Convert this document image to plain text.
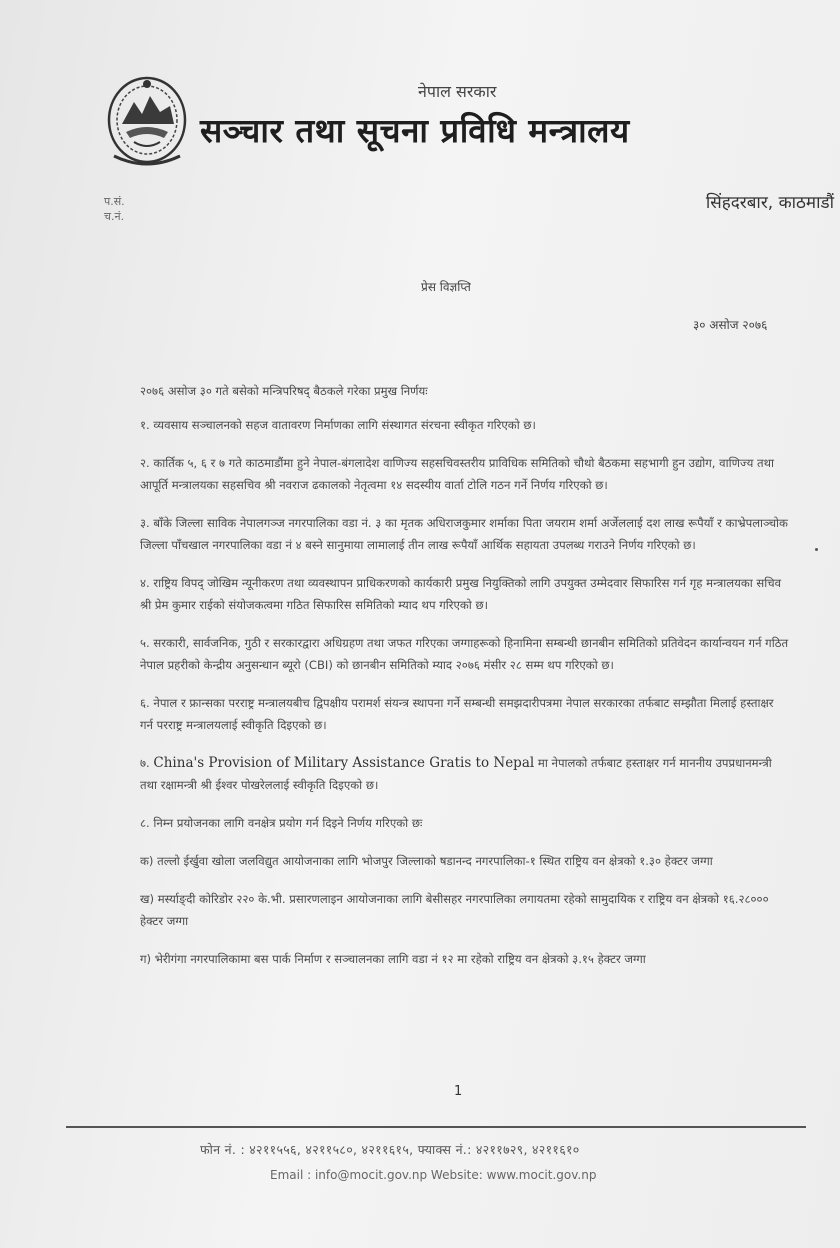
नेपाल सरकार
सञ्चार तथा सूचना प्रविधि मन्त्रालय
प.सं.
च.नं.
सिंहदरबार, काठमाडौं
प्रेस विज्ञप्ति
३० असोज २०७६

२०७६ असोज ३० गते बसेको मन्त्रिपरिषद् बैठकले गरेका प्रमुख निर्णयः

१. व्यवसाय सञ्चालनको सहज वातावरण निर्माणका लागि संस्थागत संरचना स्वीकृत गरिएको छ।

२. कार्तिक ५, ६ र ७ गते काठमाडौंमा हुने नेपाल-बंगलादेश वाणिज्य सहसचिवस्तरीय प्राविधिक समितिको चौथो बैठकमा सहभागी हुन उद्योग, वाणिज्य तथा आपूर्ति मन्त्रालयका सहसचिव श्री नवराज ढकालको नेतृत्वमा १४ सदस्यीय वार्ता टोलि गठन गर्ने निर्णय गरिएको छ।

३. बाँके जिल्ला साविक नेपालगञ्ज नगरपालिका वडा नं. ३ का मृतक अधिराजकुमार शर्माका पिता जयराम शर्मा अर्जेललाई दश लाख रूपैयाँ र काभ्रेपलाञ्चोक जिल्ला पाँचखाल नगरपालिका वडा नं ४ बस्ने सानुमाया लामालाई तीन लाख रूपैयाँ आर्थिक सहायता उपलब्ध गराउने निर्णय गरिएको छ।

४. राष्ट्रिय विपद् जोखिम न्यूनीकरण तथा व्यवस्थापन प्राधिकरणको कार्यकारी प्रमुख नियुक्तिको लागि उपयुक्त उम्मेदवार सिफारिस गर्न गृह मन्त्रालयका सचिव श्री प्रेम कुमार राईको संयोजकत्वमा गठित सिफारिस समितिको म्याद थप गरिएको छ।

५. सरकारी, सार्वजनिक, गुठी र सरकारद्वारा अधिग्रहण तथा जफत गरिएका जग्गाहरूको हिनामिना सम्बन्धी छानबीन समितिको प्रतिवेदन कार्यान्वयन गर्न गठित नेपाल प्रहरीको केन्द्रीय अनुसन्धान ब्यूरो (CBI) को छानबीन समितिको म्याद २०७६ मंसीर २८ सम्म थप गरिएको छ।

६. नेपाल र फ्रान्सका परराष्ट्र मन्त्रालयबीच द्विपक्षीय परामर्श संयन्त्र स्थापना गर्ने सम्बन्धी समझदारीपत्रमा नेपाल सरकारका तर्फबाट सम्झौता मिलाई हस्ताक्षर गर्न परराष्ट्र मन्त्रालयलाई स्वीकृति दिइएको छ।

७. China's Provision of Military Assistance Gratis to Nepal मा नेपालको तर्फबाट हस्ताक्षर गर्न माननीय उपप्रधानमन्त्री तथा रक्षामन्त्री श्री ईश्वर पोखरेललाई स्वीकृति दिइएको छ।

८. निम्न प्रयोजनका लागि वनक्षेत्र प्रयोग गर्न दिइने निर्णय गरिएको छः

क) तल्लो ईर्खुवा खोला जलविद्युत आयोजनाका लागि भोजपुर जिल्लाको षडानन्द नगरपालिका-१ स्थित राष्ट्रिय वन क्षेत्रको १.३० हेक्टर जग्गा

ख) मर्स्याङ्दी कोरिडोर २२० के.भी. प्रसारणलाइन आयोजनाका लागि बेसीसहर नगरपालिका लगायतमा रहेको सामुदायिक र राष्ट्रिय वन क्षेत्रको १६.२८००० हेक्टर जग्गा

ग) भेरीगंगा नगरपालिकामा बस पार्क निर्माण र सञ्चालनका लागि वडा नं १२ मा रहेको राष्ट्रिय वन क्षेत्रको ३.१५ हेक्टर जग्गा

1
फोन नं. : ४२११५५६, ४२११५८०, ४२११६१५, फ्याक्स नं.: ४२११७२९, ४२११६१०
Email : info@mocit.gov.np Website: www.mocit.gov.np
